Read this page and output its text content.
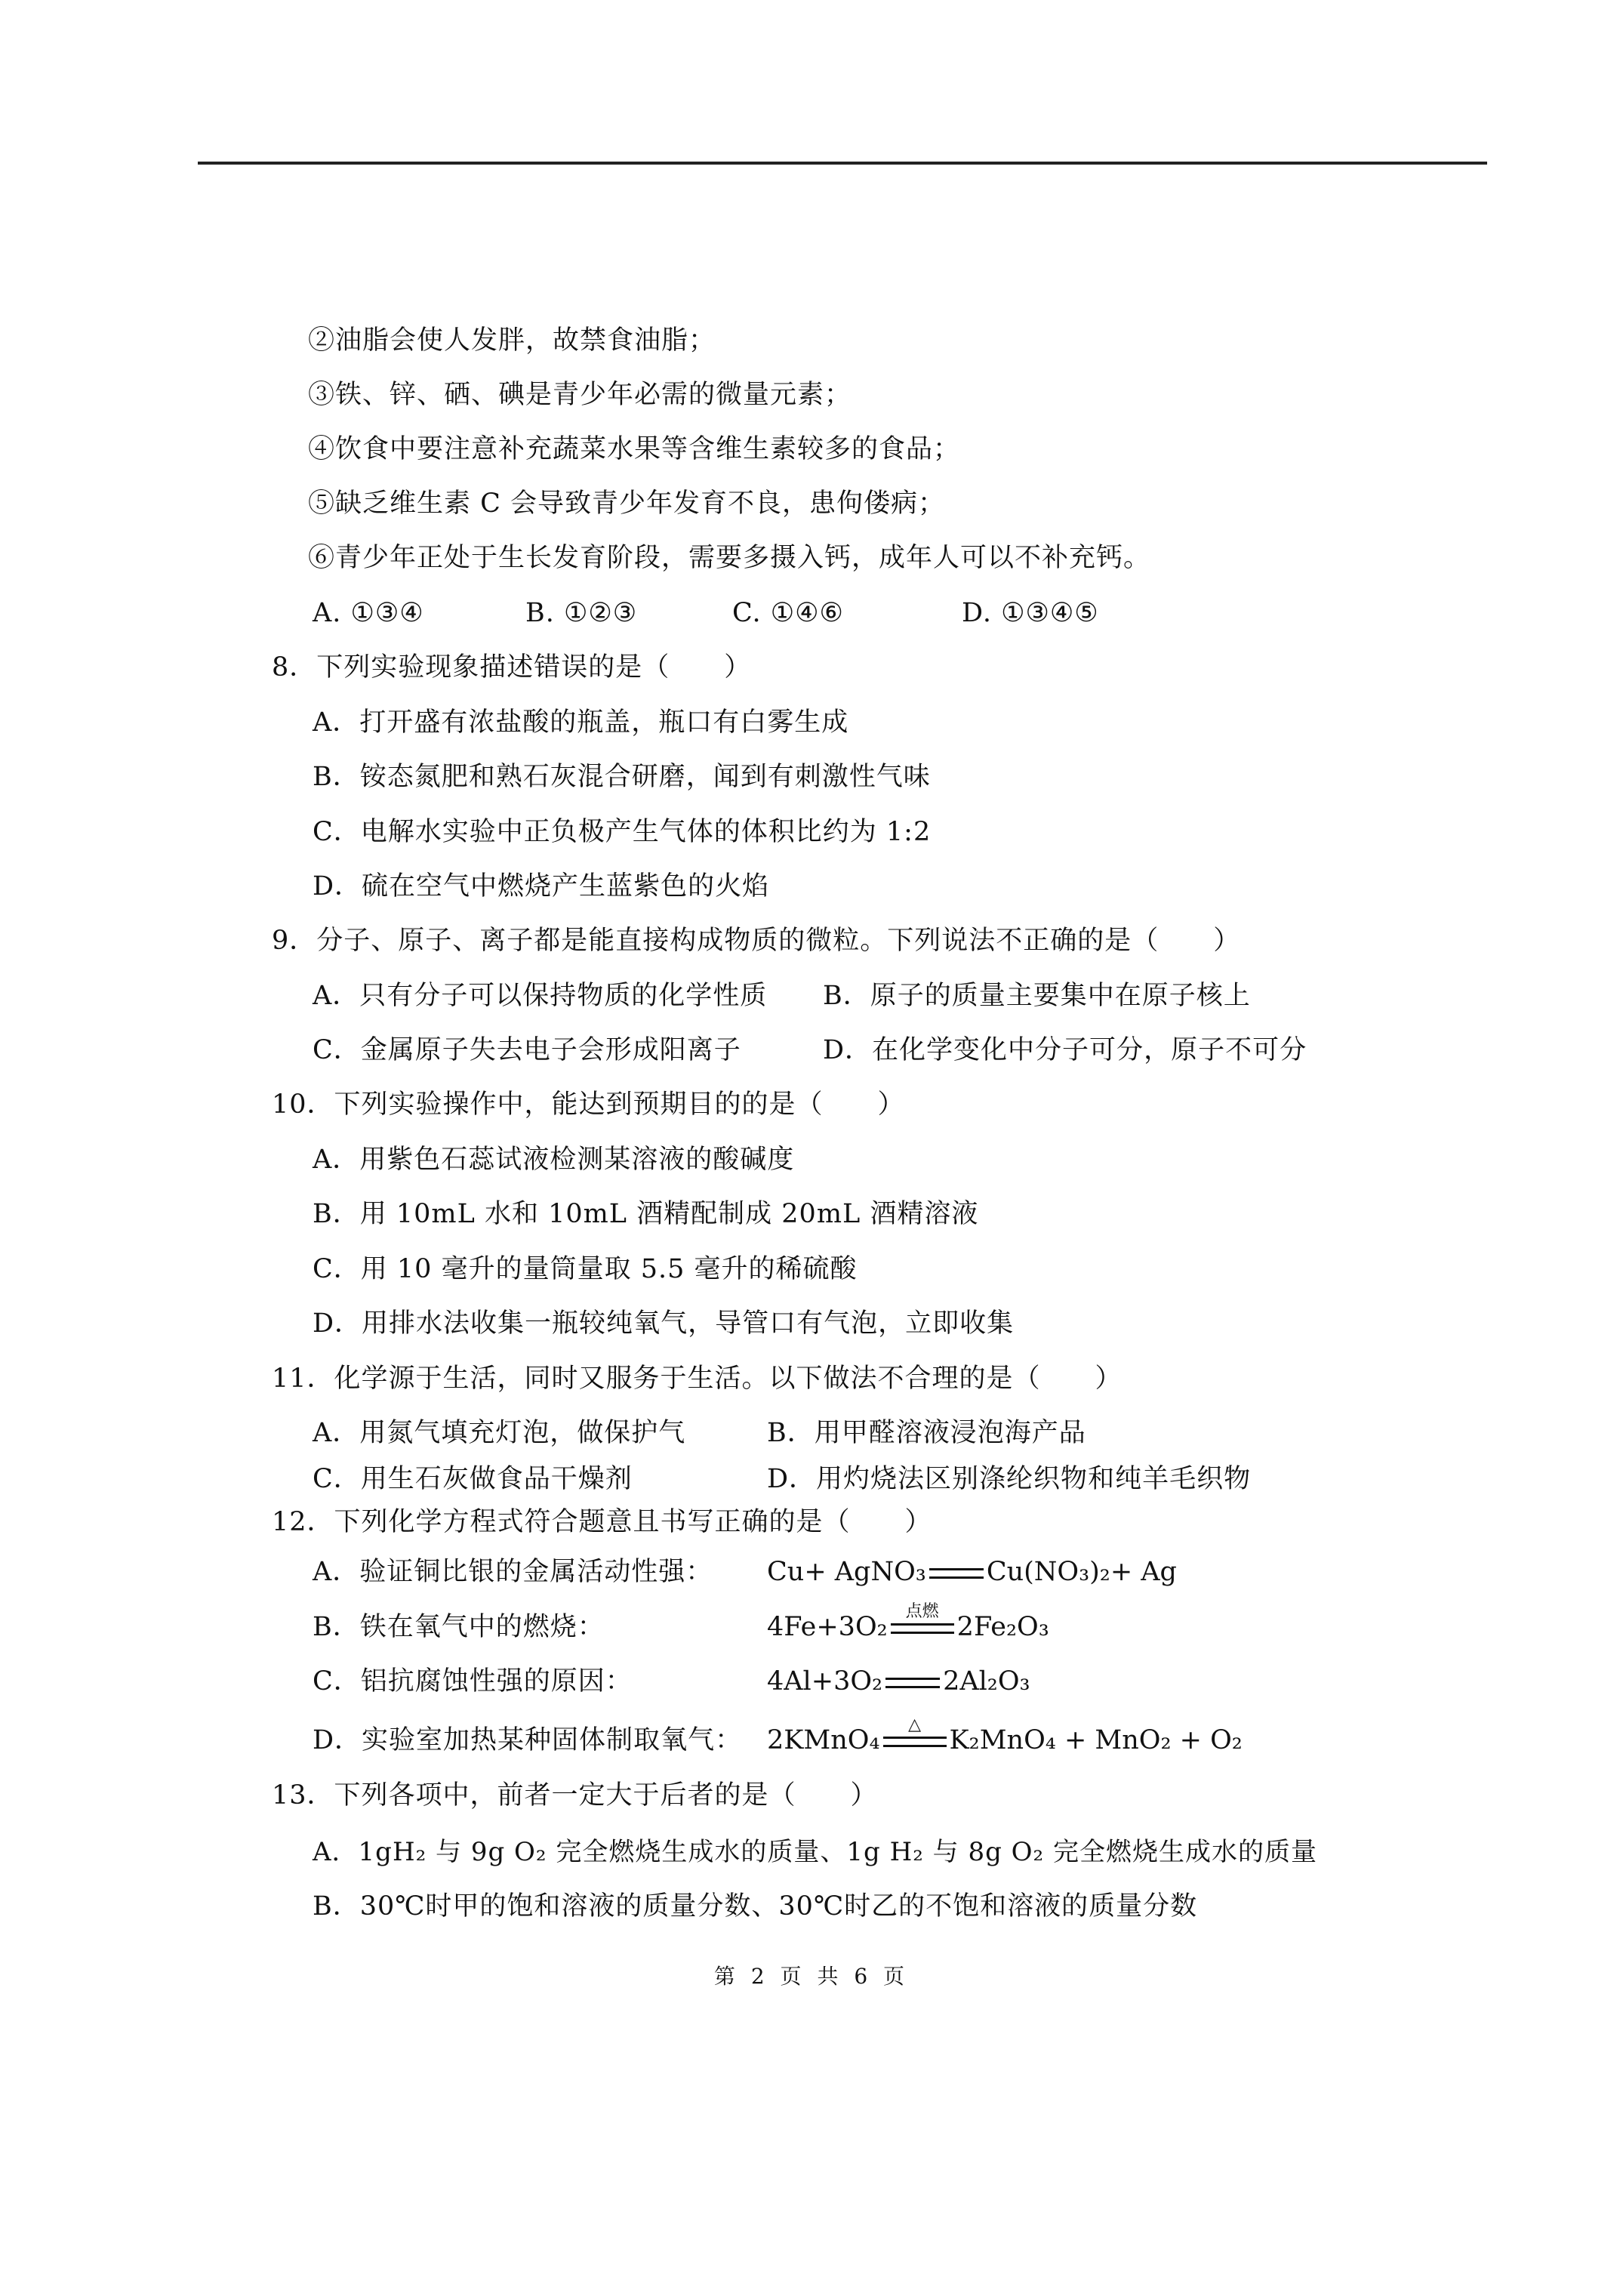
②油脂会使人发胖，故禁食油脂；
③铁、锌、硒、碘是青少年必需的微量元素；
④饮食中要注意补充蔬菜水果等含维生素较多的食品；
⑤缺乏维生素 C 会导致青少年发育不良，患佝偻病；
⑥青少年正处于生长发育阶段，需要多摄入钙，成年人可以不补充钙。
A. ①③④	B. ①②③	C. ①④⑥	D. ①③④⑤
8．下列实验现象描述错误的是（　　）
A．打开盛有浓盐酸的瓶盖，瓶口有白雾生成
B．铵态氮肥和熟石灰混合研磨，闻到有刺激性气味
C．电解水实验中正负极产生气体的体积比约为 1:2
D．硫在空气中燃烧产生蓝紫色的火焰
9．分子、原子、离子都是能直接构成物质的微粒。下列说法不正确的是（　　）
A．只有分子可以保持物质的化学性质 B．原子的质量主要集中在原子核上
C．金属原子失去电子会形成阳离子	D．在化学变化中分子可分，原子不可分
10．下列实验操作中，能达到预期目的的是（　　）
A．用紫色石蕊试液检测某溶液的酸碱度
B．用 10mL 水和 10mL 酒精配制成 20mL 酒精溶液
C．用 10 毫升的量筒量取 5.5 毫升的稀硫酸
D．用排水法收集一瓶较纯氧气，导管口有气泡，立即收集
11．化学源于生活，同时又服务于生活。以下做法不合理的是（　　）
A．用氮气填充灯泡，做保护气	B．用甲醛溶液浸泡海产品
C．用生石灰做食品干燥剂	D．用灼烧法区别涤纶织物和纯羊毛织物
12．下列化学方程式符合题意且书写正确的是（　　）
A．验证铜比银的金属活动性强： Cu+ AgNO₃ Cu(NO₃)₂+ Ag
B．铁在氧气中的燃烧：	4Fe+3O₂
点燃
2Fe₂O₃
C．铝抗腐蚀性强的原因：	4Al+3O₂ 2Al₂O₃
D．实验室加热某种固体制取氧气： 2KMnO₄
△
K₂MnO₄ + MnO₂ + O₂
13．下列各项中，前者一定大于后者的是（　　）
A．1gH₂ 与 9g O₂ 完全燃烧生成水的质量、1g H₂ 与 8g O₂ 完全燃烧生成水的质量
B．30℃时甲的饱和溶液的质量分数、30℃时乙的不饱和溶液的质量分数
第 2 页 共 6 页
